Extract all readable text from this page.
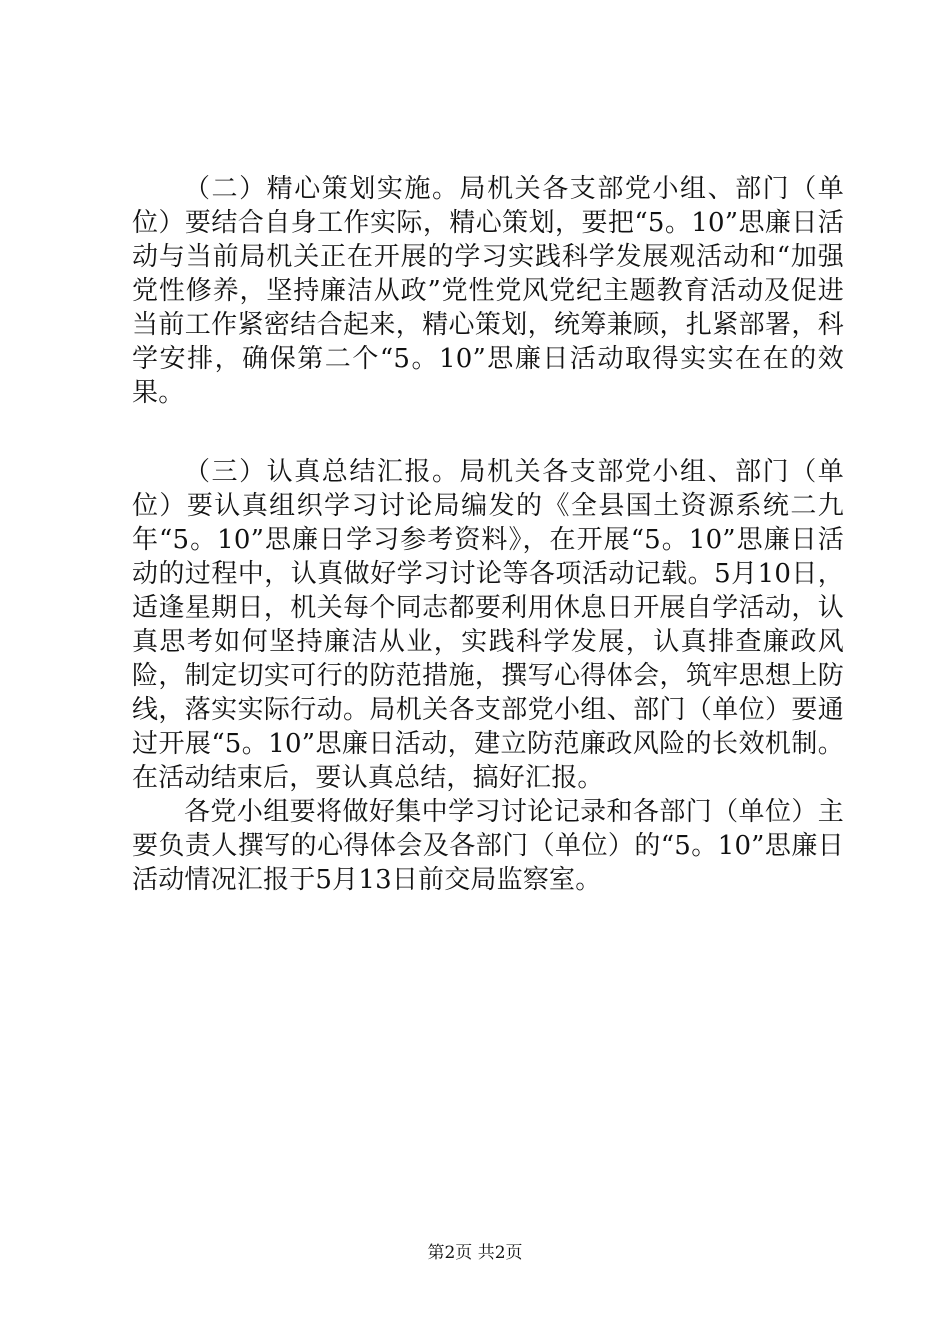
（二）精心策划实施。局机关各支部党小组、部门（单位）要结合自身工作实际，精心策划，要把“5。10”思廉日活动与当前局机关正在开展的学习实践科学发展观活动和“加强党性修养，坚持廉洁从政”党性党风党纪主题教育活动及促进当前工作紧密结合起来，精心策划，统筹兼顾，扎紧部署，科学安排，确保第二个“5。10”思廉日活动取得实实在在的效果。

（三）认真总结汇报。局机关各支部党小组、部门（单位）要认真组织学习讨论局编发的《全县国土资源系统二九年“5。10”思廉日学习参考资料》，在开展“5。10”思廉日活动的过程中，认真做好学习讨论等各项活动记载。5月10日，适逢星期日，机关每个同志都要利用休息日开展自学活动，认真思考如何坚持廉洁从业，实践科学发展，认真排查廉政风险，制定切实可行的防范措施，撰写心得体会，筑牢思想上防线，落实实际行动。局机关各支部党小组、部门（单位）要通过开展“5。10”思廉日活动，建立防范廉政风险的长效机制。在活动结束后，要认真总结，搞好汇报。

各党小组要将做好集中学习讨论记录和各部门（单位）主要负责人撰写的心得体会及各部门（单位）的“5。10”思廉日活动情况汇报于5月13日前交局监察室。

第2页 共2页
